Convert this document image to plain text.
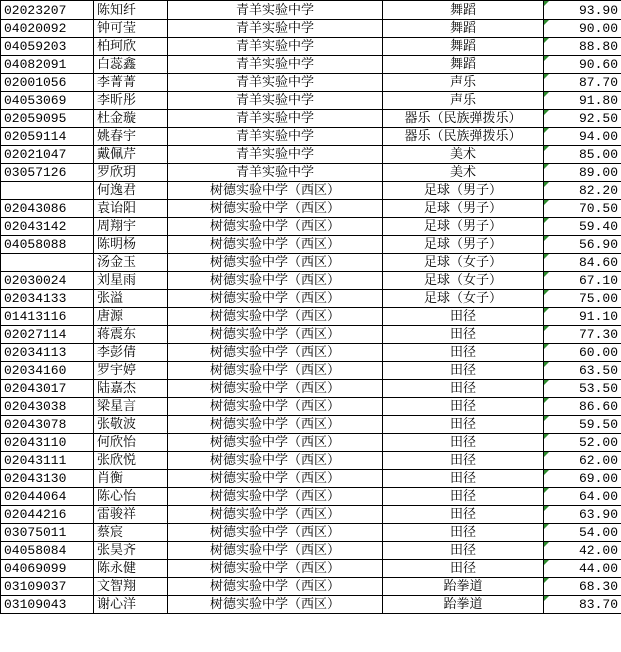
02023207	陈知纤	青羊实验中学	舞蹈	93.90
04020092	钟可莹	青羊实验中学	舞蹈	90.00
04059203	柏珂欣	青羊实验中学	舞蹈	88.80
04082091	白蕊鑫	青羊实验中学	舞蹈	90.60
02001056	李菁菁	青羊实验中学	声乐	87.70
04053069	李昕彤	青羊实验中学	声乐	91.80
02059095	杜金璇	青羊实验中学	器乐（民族弹拨乐）	92.50
02059114	姚春宇	青羊实验中学	器乐（民族弹拨乐）	94.00
02021047	戴佩芹	青羊实验中学	美术	85.00
03057126	罗欣玥	青羊实验中学	美术	89.00
	何逸君	树德实验中学（西区）	足球（男子）	82.20
02043086	袁诒阳	树德实验中学（西区）	足球（男子）	70.50
02043142	周翔宇	树德实验中学（西区）	足球（男子）	59.40
04058088	陈明杨	树德实验中学（西区）	足球（男子）	56.90
	汤金玉	树德实验中学（西区）	足球（女子）	84.60
02030024	刘星雨	树德实验中学（西区）	足球（女子）	67.10
02034133	张溢	树德实验中学（西区）	足球（女子）	75.00
01413116	唐源	树德实验中学（西区）	田径	91.10
02027114	蒋震东	树德实验中学（西区）	田径	77.30
02034113	李彭倩	树德实验中学（西区）	田径	60.00
02034160	罗宇婷	树德实验中学（西区）	田径	63.50
02043017	陆嘉杰	树德实验中学（西区）	田径	53.50
02043038	梁星言	树德实验中学（西区）	田径	86.60
02043078	张敬波	树德实验中学（西区）	田径	59.50
02043110	何欣怡	树德实验中学（西区）	田径	52.00
02043111	张欣悦	树德实验中学（西区）	田径	62.00
02043130	肖衡	树德实验中学（西区）	田径	69.00
02044064	陈心怡	树德实验中学（西区）	田径	64.00
02044216	雷骏祥	树德实验中学（西区）	田径	63.90
03075011	蔡宸	树德实验中学（西区）	田径	54.00
04058084	张昊齐	树德实验中学（西区）	田径	42.00
04069099	陈永健	树德实验中学（西区）	田径	44.00
03109037	文智翔	树德实验中学（西区）	跆拳道	68.30
03109043	谢心洋	树德实验中学（西区）	跆拳道	83.70
